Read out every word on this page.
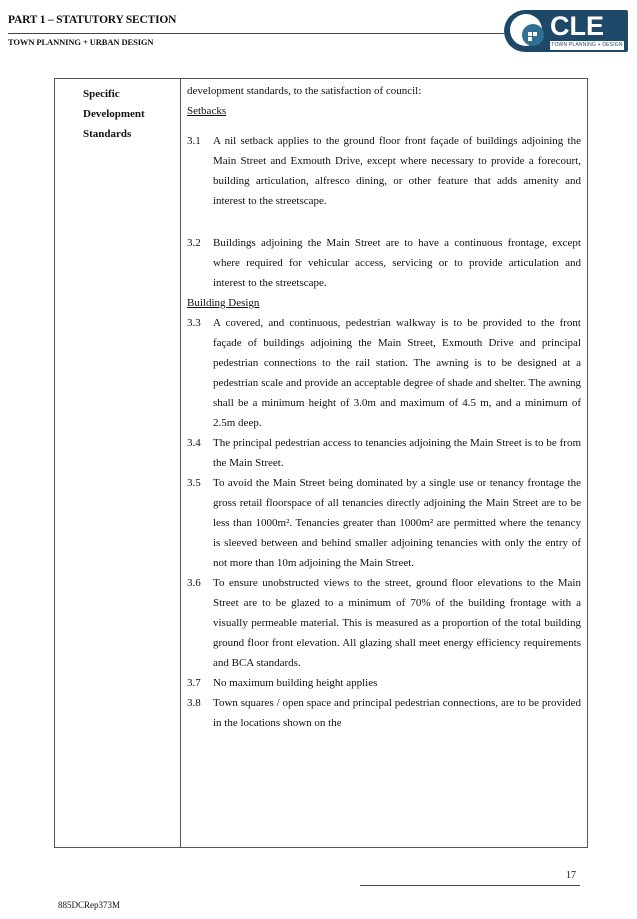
PART 1 – STATUTORY SECTION
TOWN PLANNING + URBAN DESIGN
CLE
TOWN PLANNING + DESIGN
Specific
Development
Standards

development standards, to the satisfaction of council:

Setbacks

3.1	A nil setback applies to the ground floor front façade of buildings adjoining the Main Street and Exmouth Drive, except where necessary to provide a forecourt, building articulation, alfresco dining, or other feature that adds amenity and interest to the streetscape.
3.2	Buildings adjoining the Main Street are to have a continuous frontage, except where required for vehicular access, servicing or to provide articulation and interest to the streetscape.

Building Design

3.3	A covered, and continuous, pedestrian walkway is to be provided to the front façade of buildings adjoining the Main Street, Exmouth Drive and principal pedestrian connections to the rail station. The awning is to be designed at a pedestrian scale and provide an acceptable degree of shade and shelter. The awning shall be a minimum height of 3.0m and maximum of 4.5 m, and a minimum of 2.5m deep.
3.4	The principal pedestrian access to tenancies adjoining the Main Street is to be from the Main Street.
3.5	To avoid the Main Street being dominated by a single use or tenancy frontage the gross retail floorspace of all tenancies directly adjoining the Main Street are to be less than 1000m². Tenancies greater than 1000m² are permitted where the tenancy is sleeved between and behind smaller adjoining tenancies with only the entry of not more than 10m adjoining the Main Street.
3.6	To ensure unobstructed views to the street, ground floor elevations to the Main Street are to be glazed to a minimum of 70% of the building frontage with a visually permeable material. This is measured as a proportion of the total building ground floor front elevation. All glazing shall meet energy efficiency requirements and BCA standards.
3.7	No maximum building height applies
3.8	Town squares / open space and principal pedestrian connections, are to be provided in the locations shown on the
17
885DCRep373M
